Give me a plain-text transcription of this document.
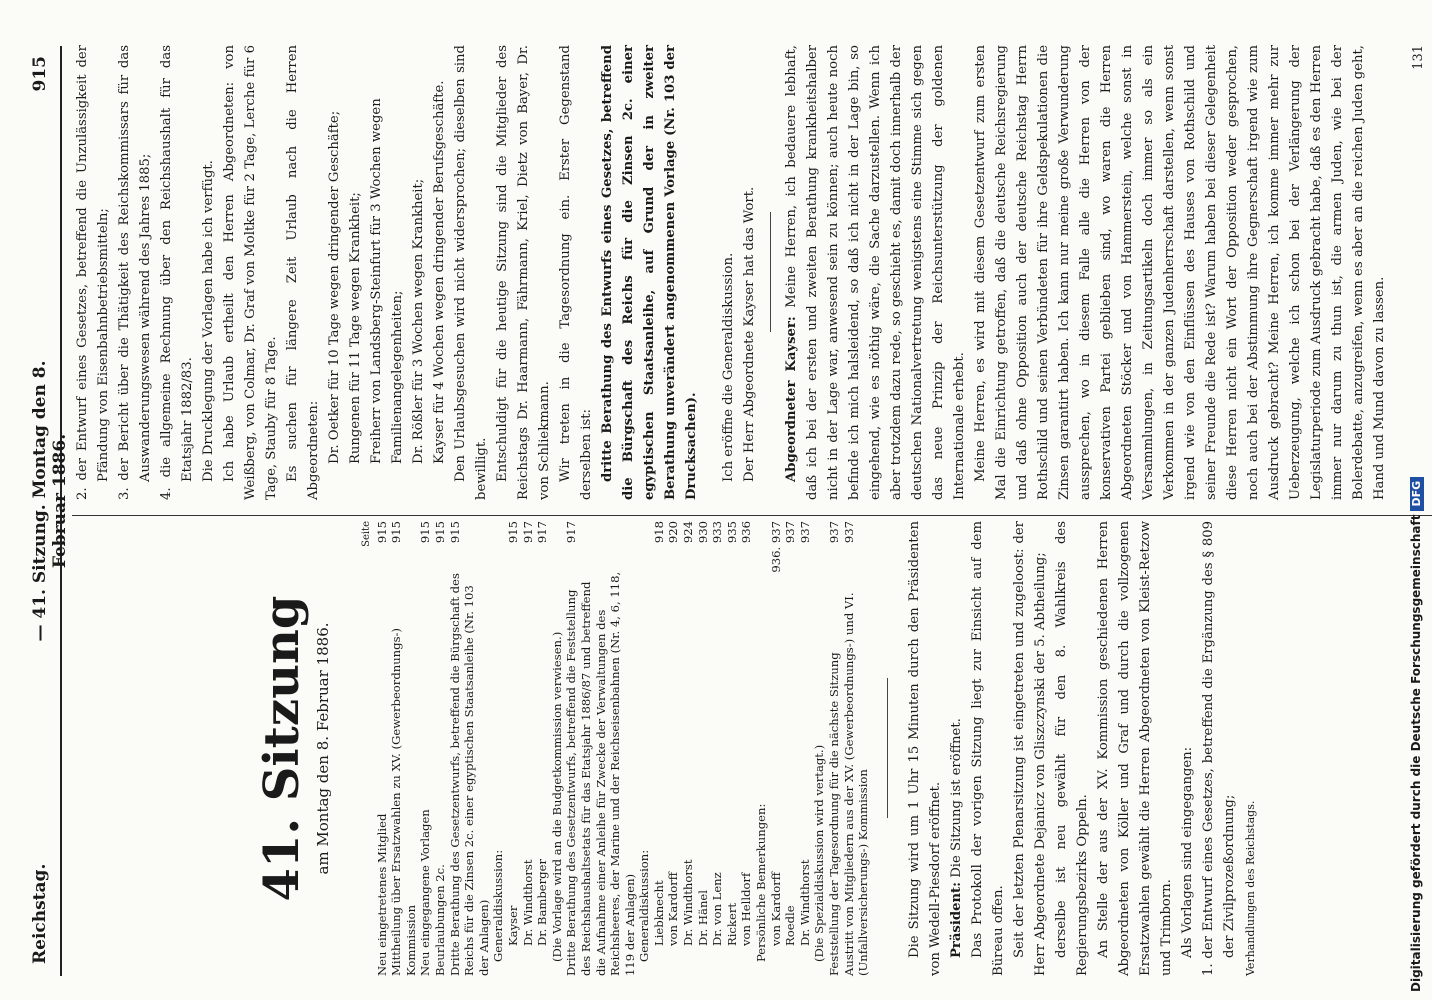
Reichstag.
— 41. Sitzung. Montag den 8. Februar 1886.
915
41. Sitzung am Montag den 8. Februar 1886.
Seite
Neu eingetretenes Mitglied
915
Mittheilung über Ersatzwahlen zu XV. (Gewerbeordnungs-) Kommission
915
Neu eingegangene Vorlagen
915
Beurlaubungen 2c.
915
Dritte Berathung des Gesetzentwurfs, betreffend die Bürgschaft des Reichs für die Zinsen 2c. einer egyptischen Staatsanleihe (Nr. 103 der Anlagen)
915
Generaldiskussion: Kayser
915
Dr. Windthorst
917
Dr. Bamberger
917
(Die Vorlage wird an die Budgetkommission verwiesen.) Dritte Berathung des Gesetzentwurfs, betreffend die Feststellung des Reichshaushaltsetats für das Etatsjahr 1886/87 und betreffend die Aufnahme einer Anleihe für Zwecke der Verwaltungen des Reichsheeres, der Marine und der Reichseisenbahnen (Nr. 4, 6, 118, 119 der Anlagen)
917
Generaldiskussion: Liebknecht
918
von Kardorff
920
Dr. Windthorst
924
Dr. Hänel
930
Dr. von Lenz
933
Rickert
935
von Helldorf
936
Persönliche Bemerkungen: von Kardorff
936. 937
Roedle
937
Dr. Windthorst
937
(Die Spezialdiskussion wird vertagt.) Feststellung der Tagesordnung für die nächste Sitzung
937
Austritt von Mitgliedern aus der XV. (Gewerbeordnungs-) und VI. (Unfallversicherungs-) Kommission
937	Die Sitzung wird um 1 Uhr 15 Minuten durch den Präsidenten von Wedell-Piesdorf eröffnet. Präsident: Die Sitzung ist eröffnet. Das Protokoll der vorigen Sitzung liegt zur Einsicht auf dem Büreau offen. Seit der letzten Plenarsitzung ist eingetreten und zugeloost: der Herr Abgeordnete Dejanicz von Gliszczynski der 5. Abtheilung; derselbe ist neu gewählt für den 8. Wahlkreis des Regierungsbezirks Oppeln. An Stelle der aus der XV. Kommission geschiedenen Herren Abgeordneten von Köller und Graf und durch die vollzogenen Ersatzwahlen gewählt die Herren Abgeordneten von Kleist-Retzow und Trimborn. Als Vorlagen sind eingegangen: 1. der Entwurf eines Gesetzes, betreffend die Ergänzung des § 809 der Zivilprozeßordnung; Verhandlungen des Reichstags.

2. der Entwurf eines Gesetzes, betreffend die Unzulässigkeit der Pfändung von Eisenbahnbetriebsmitteln; 3. der Bericht über die Thätigkeit des Reichskommissars für das Auswanderungswesen während des Jahres 1885; 4. die allgemeine Rechnung über den Reichshaushalt für das Etatsjahr 1882/83. Die Drucklegung der Vorlagen habe ich verfügt. Ich habe Urlaub ertheilt den Herren Abgeordneten: von Weißberg, von Colmar, Dr. Graf von Moltke für 2 Tage, Lerche für 6 Tage, Stauby für 8 Tage. Es suchen für längere Zeit Urlaub nach die Herren Abgeordneten: Dr. Oetker für 10 Tage wegen dringender Geschäfte; Rungenen für 11 Tage wegen Krankheit; Freiherr von Landsberg-Steinfurt für 3 Wochen wegen Familienangelegenheiten; Dr. Rößler für 3 Wochen wegen Krankheit; Kayser für 4 Wochen wegen dringender Berufsgeschäfte. Den Urlaubsgesuchen wird nicht widersprochen; dieselben sind bewilligt. Entschuldigt für die heutige Sitzung sind die Mitglieder des Reichstags Dr. Haarmann, Fährmann, Kriel, Dietz von Bayer, Dr. von Schliekmann. Wir treten in die Tagesordnung ein. Erster Gegenstand derselben ist: dritte Berathung des Entwurfs eines Gesetzes, betreffend die Bürgschaft des Reichs für die Zinsen 2c. einer egyptischen Staatsanleihe, auf Grund der in zweiter Berathung unverändert angenommenen Vorlage (Nr. 103 der Drucksachen). Ich eröffne die Generaldiskussion. Der Herr Abgeordnete Kayser hat das Wort. Abgeordneter Kayser: Meine Herren, ich bedauere lebhaft, daß ich bei der ersten und zweiten Berathung krankheitshalber nicht in der Lage war, anwesend sein zu können; auch heute noch befinde ich mich halsleidend, so daß ich nicht in der Lage bin, so eingehend, wie es nöthig wäre, die Sache darzustellen. Wenn ich aber trotzdem dazu rede, so geschieht es, damit doch innerhalb der deutschen Nationalvertretung wenigstens eine Stimme sich gegen das neue Prinzip der Reichsunterstützung der goldenen Internationale erhebt. Meine Herren, es wird mit diesem Gesetzentwurf zum ersten Mal die Einrichtung getroffen, daß die deutsche Reichsregierung und daß ohne Opposition auch der deutsche Reichstag Herrn Rothschild und seinen Verbündeten für ihre Geldspekulationen die Zinsen garantirt haben. Ich kann nur meine große Verwunderung aussprechen, wo in diesem Falle alle die Herren von der konservativen Partei geblieben sind, wo waren die Herren Abgeordneten Stöcker und von Hammerstein, welche sonst in Versammlungen, in Zeitungsartikeln doch immer so als ein Verkommen in der ganzen Judenherrschaft darstellen, wenn sonst irgend wie von den Einflüssen des Hauses von Rothschild und seiner Freunde die Rede ist? Warum haben bei dieser Gelegenheit diese Herren nicht ein Wort der Opposition weder gesprochen, noch auch bei der Abstimmung ihre Gegnerschaft irgend wie zum Ausdruck gebracht? Meine Herren, ich komme immer mehr zur Ueberzeugung, welche ich schon bei der Verlängerung der Legislaturperiode zum Ausdruck gebracht habe, daß es den Herren immer nur darum zu thun ist, die armen Juden, wie bei der Bolerdebatte, anzugreifen, wenn es aber an die reichen Juden geht, Hand und Mund davon zu lassen.

131
Digitalisierung gefördert durch die Deutsche ForschungsgemeinschaftDFG
